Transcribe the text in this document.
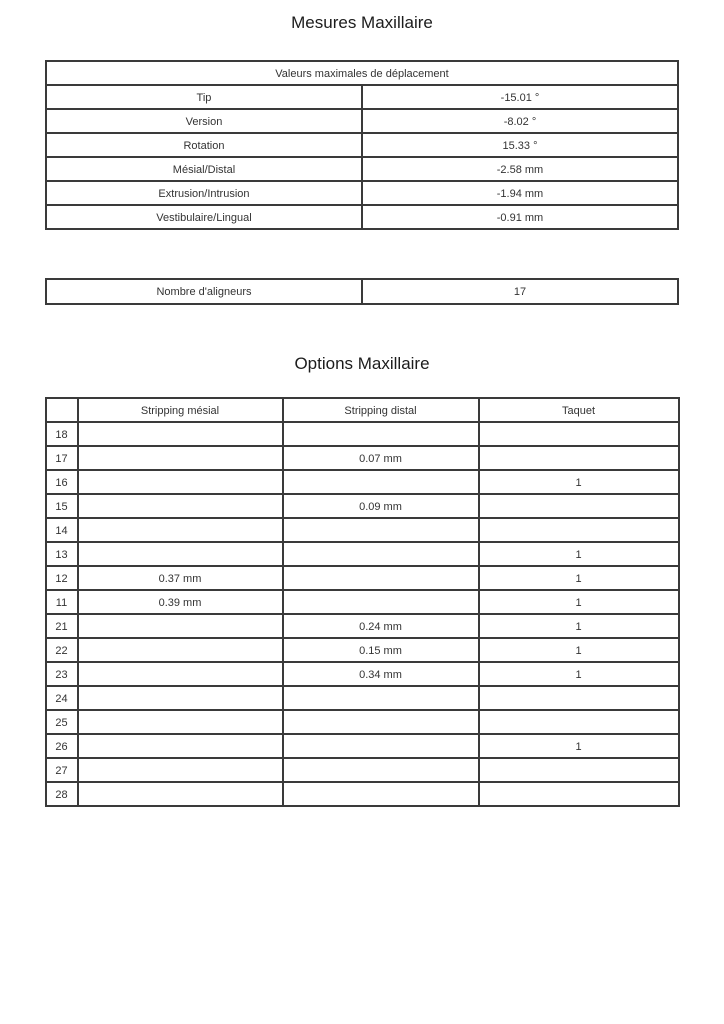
Mesures Maxillaire
Valeurs maximales de déplacement	
Tip	-15.01 °
Version	-8.02 °
Rotation	15.33 °
Mésial/Distal	-2.58 mm
Extrusion/Intrusion	-1.94 mm
Vestibulaire/Lingual	-0.91 mm
Nombre d'aligneurs	17
Options Maxillaire
	Stripping mésial	Stripping distal	Taquet
18			
17		0.07 mm	
16			1
15		0.09 mm	
14			
13			1
12	0.37 mm		1
11	0.39 mm		1
21		0.24 mm	1
22		0.15 mm	1
23		0.34 mm	1
24			
25			
26			1
27			
28			
